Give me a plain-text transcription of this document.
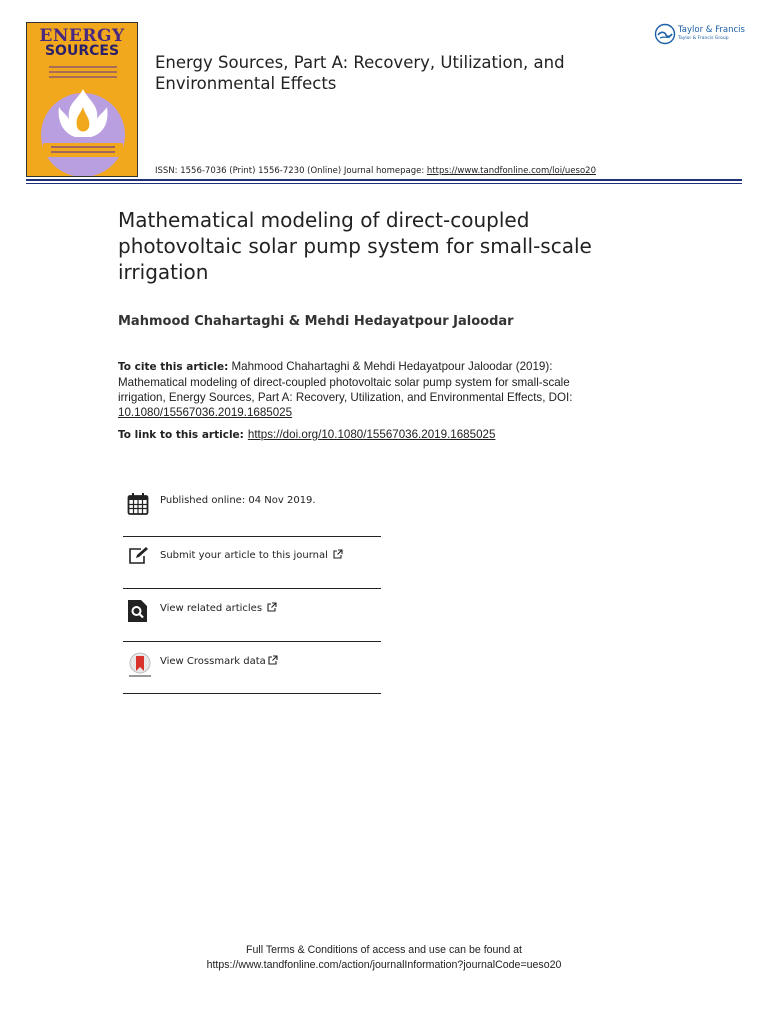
ENERGY
SOURCES
Energy Sources, Part A: Recovery, Utilization, and Environmental Effects
Taylor & Francis
Taylor & Francis Group
ISSN: 1556-7036 (Print) 1556-7230 (Online) Journal homepage: https://www.tandfonline.com/loi/ueso20
Mathematical modeling of direct-coupled photovoltaic solar pump system for small-scale irrigation
Mahmood Chahartaghi & Mehdi Hedayatpour Jaloodar
To cite this article: Mahmood Chahartaghi & Mehdi Hedayatpour Jaloodar (2019): Mathematical modeling of direct-coupled photovoltaic solar pump system for small-scale irrigation, Energy Sources, Part A: Recovery, Utilization, and Environmental Effects, DOI:
10.1080/15567036.2019.1685025
To link to this article: https://doi.org/10.1080/15567036.2019.1685025
Published online: 04 Nov 2019.
Submit your article to this journal
View related articles
View Crossmark data
Full Terms & Conditions of access and use can be found at
https://www.tandfonline.com/action/journalInformation?journalCode=ueso20
